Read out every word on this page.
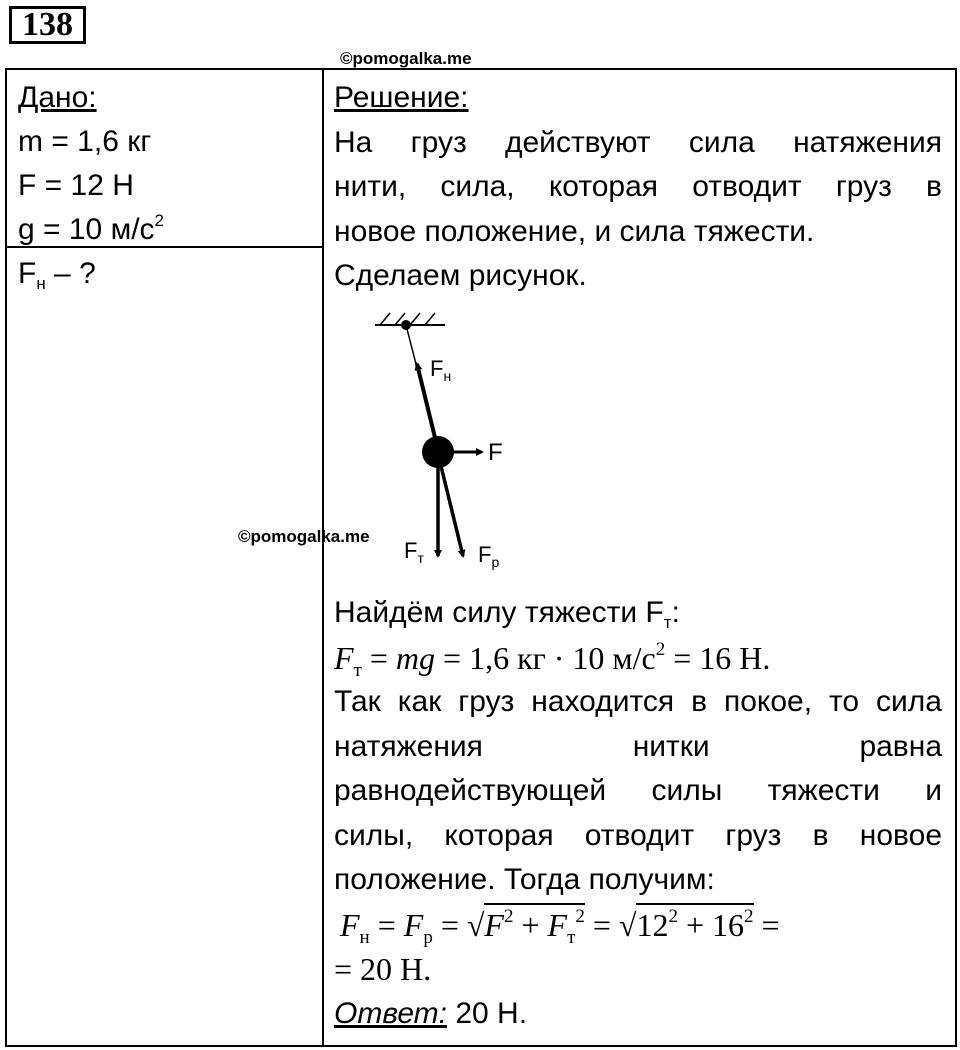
138
©pomogalka.me
Дано:
m = 1,6 кг
F = 12 Н
g = 10 $м/с^2$
$F_н$ – ?
Решение:
На груз действуют сила натяжения
нити, сила, которая отводит груз в
новое положение, и сила тяжести.
Сделаем рисунок.
$F_н$
F
$F_т$ $F_р$
©pomogalka.me
Найдём силу тяжести $F_т$:
$F_т$ = mg = 1,6 кг · 10 $м/с^2 = 16$ Н.
Так как груз находится в покое, то сила
натяжения нитки равна
равнодействующей силы тяжести и
силы, которая отводит груз в новое
положение. Тогда получим:
$F_н = F_р = √F^2 + F_т^2 = √12^2 + 16^2$ =
= 20 Н.
Ответ: 20 Н.
